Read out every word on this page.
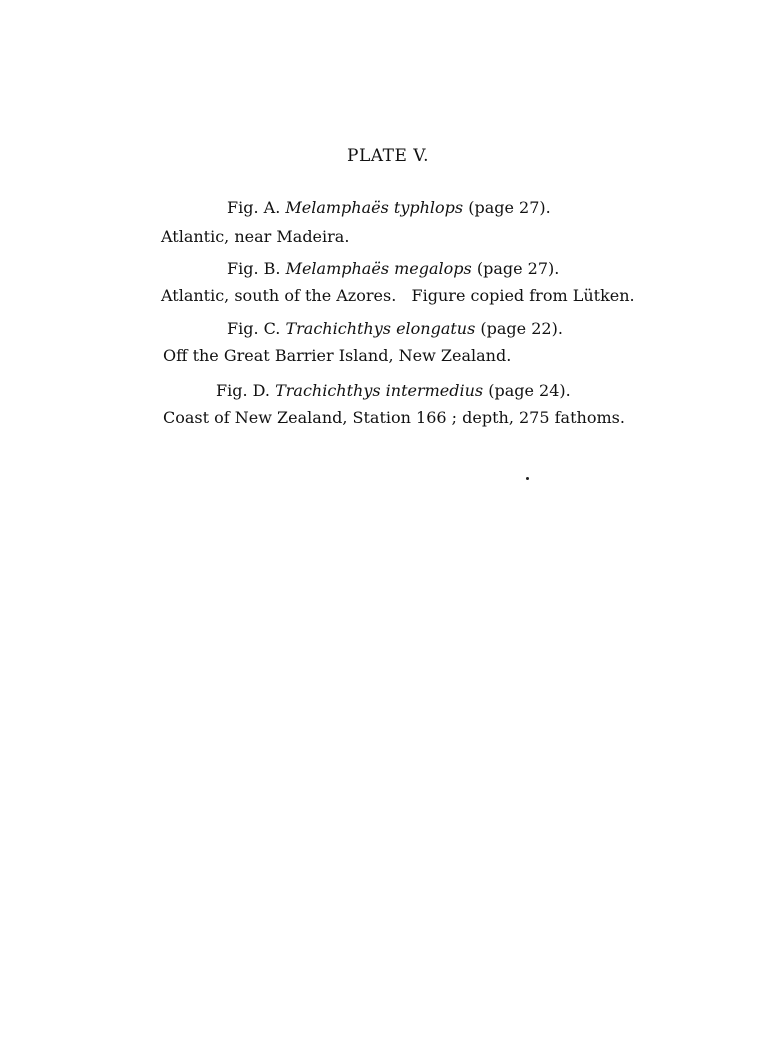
PLATE V.
Fig. A. Melamphaës typhlops (page 27).
Atlantic, near Madeira.
Fig. B. Melamphaës megalops (page 27).
Atlantic, south of the Azores.   Figure copied from Lütken.
Fig. C. Trachichthys elongatus (page 22).
Off the Great Barrier Island, New Zealand.
Fig. D. Trachichthys intermedius (page 24).
Coast of New Zealand, Station 166 ; depth, 275 fathoms.
